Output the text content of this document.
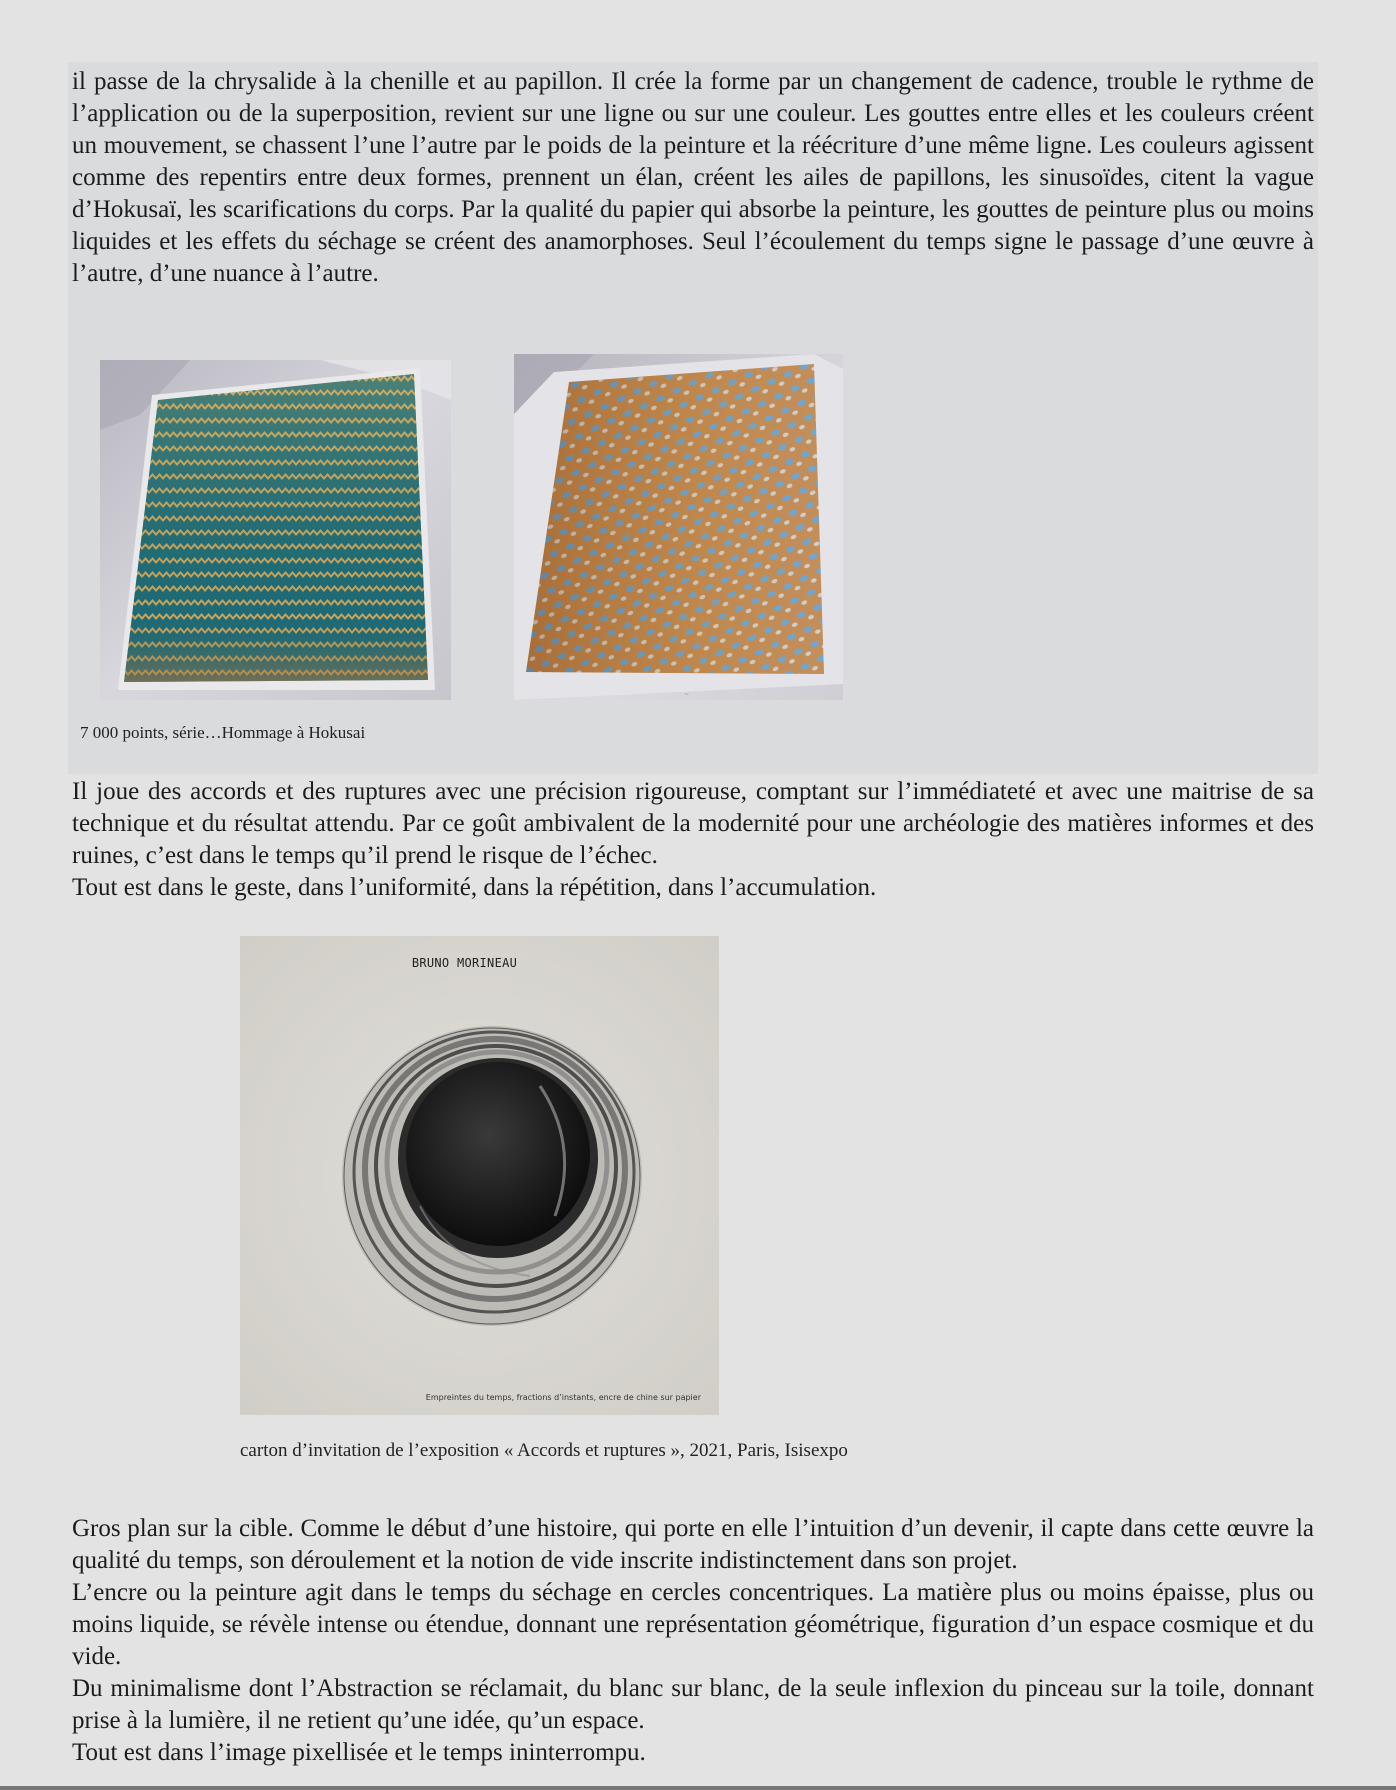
il passe de la chrysalide à la chenille et au papillon. Il crée la forme par un changement de cadence, trouble le rythme de l’application ou de la superposition, revient sur une ligne ou sur une couleur. Les gouttes entre elles et les couleurs créent un mouvement, se chassent l’une l’autre par le poids de la peinture et la réécriture d’une même ligne. Les couleurs agissent comme des repentirs entre deux formes, prennent un élan, créent les ailes de papillons, les sinusoïdes, citent la vague d’Hokusaï, les scarifications du corps. Par la qualité du papier qui absorbe la peinture, les gouttes de peinture plus ou moins liquides et les effets du séchage se créent des anamorphoses. Seul l’écoulement du temps signe le passage d’une œuvre à l’autre, d’une nuance à l’autre.

~
7 000 points, série…Hommage à Hokusai

Il joue des accords et des ruptures avec une précision rigoureuse, comptant sur l’immédiateté et avec une maitrise de sa technique et du résultat attendu. Par ce goût ambivalent de la modernité pour une archéologie des matières informes et des ruines, c’est dans le temps qu’il prend le risque de l’échec.

Tout est dans le geste, dans l’uniformité, dans la répétition, dans l’accumulation.

BRUNO MORINEAU
Empreintes du temps, fractions d’instants, encre de chine sur papier
carton d’invitation de l’exposition « Accords et ruptures », 2021, Paris, Isisexpo

Gros plan sur la cible. Comme le début d’une histoire, qui porte en elle l’intuition d’un devenir, il capte dans cette œuvre la qualité du temps, son déroulement et la notion de vide inscrite indistinctement dans son projet.

L’encre ou la peinture agit dans le temps du séchage en cercles concentriques. La matière plus ou moins épaisse, plus ou moins liquide, se révèle intense ou étendue, donnant une représentation géométrique, figuration d’un espace cosmique et du vide.

Du minimalisme dont l’Abstraction se réclamait, du blanc sur blanc, de la seule inflexion du pinceau sur la toile, donnant prise à la lumière, il ne retient qu’une idée, qu’un espace.

Tout est dans l’image pixellisée et le temps ininterrompu.
